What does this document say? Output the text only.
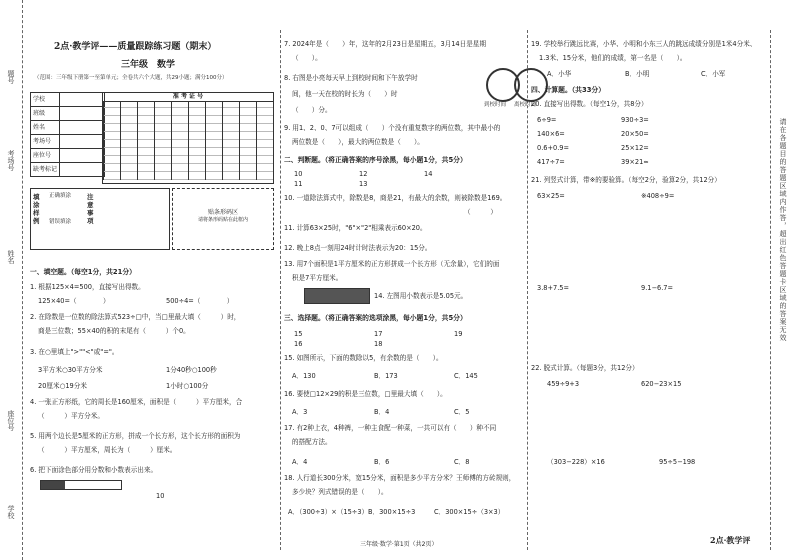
题号
考场号
姓名
座位号
学校

2点·教学评——质量跟踪练习题（期末）

三年级　数学

（范围：三年级下册第一至第单元；全卷共六个大题，共29小题；满分100分）

学校	
班级	
姓名	
考场号	
座位号	
缺考标记	
准 考 证 号
填涂样例
正确填涂
错误填涂
注意事项
贴条形码区
请将条形码贴在此框内

一、填空题。（每空1分，共21分）

1. 根据125×4=500，直接写出得数。

125×40=（　　　　）	500÷4=（　　　　）

2. 在除数是一位数的除法算式523÷□中，当□里最大填（　　　）时，

商是三位数；55×40的积的末尾有（　　　）个0。

3. 在○里填上">""<"或"="。

3平方米○30平方分米	1分40秒○100秒

20厘米○19分米	1小时○100分

4. 一张正方形纸，它的周长是160厘米，面积是（　　　）平方厘米，合

（　　　）平方分米。

5. 用两个边长是5厘米的正方形，拼成一个长方形，这个长方形的面积为

（　　　）平方厘米，周长为（　　　）厘米。

6. 把下面涂色部分用分数和小数表示出来。

10

7. 2024年是（　　）年，这年的2月23日是星期五，3月14日是星期

（　　）。

8. 右图是小亮每天早上到校时间和下午放学时

间，他一天在校的时长为（　　）时

（　　）分。

到校时间 离校时间

9. 用1、2、0、7可以组成（　　）个没有重复数字的两位数，其中最小的

两位数是（　　），最大的两位数是（　　）。

二、判断题。（将正确答案的序号涂黑，每小题1分，共5分）

10	12	14

11	13

10. 一道除法算式中，除数是8，商是21，有最大的余数，则被除数是169。

（　　　）

11. 计算63×25时，"6"×"2"相乘表示60×20。

12. 晚上8点一刻用24时计时法表示为20：15分。

13. 用7个面积是1平方厘米的正方形拼成一个长方形（无余量），它们的面

积是7平方厘米。

14. 左图用小数表示是5.05元。

三、选择题。（将正确答案的选项涂黑，每小题1分，共5分）

15	17	19

16	18

15. 如图所示，下面的数除以5，有余数的是（　　）。

A．130	B．173	C．145

16. 要使□12×29的积是三位数，□里最大填（　　）。

A．3	B．4	C．5

17. 有2种上衣，4种裤，一种主食配一种菜，一共可以有（　　）种不同

的搭配方法。

A．4	B．6	C．8

18. 人行道长300分米，宽15分米，面积是多少平方分米？王师傅的方砖规则，

多少块？列式错误的是（　　）。

A．（300÷3）×（15÷3） B．300×15÷3	C．300×15÷（3×3）

19. 学校举行跳远比赛，小华、小明和小东三人的跳远成绩分别是1米4分米、

1.3米、15分米，他们的成绩，第一名是（　　）。

A．小华	B．小明	C．小军

四、计算题。（共33分）

20. 直接写出得数。（每空1分，共8分）

6÷9=	930÷3=

140×6=	20×50=

0.6+0.9=	25×12=

417÷7=	39×21≈

21. 列竖式计算，带※的要验算。（每空2分，验算2分，共12分）

63×25=	※408÷9=

3.8+7.5=	9.1−6.7=

22. 脱式计算。（每题3分，共12分）

459÷9+3	620−23×15

（303−228）×16	95÷5−198

请在各题目的答题区域内作答，超出红色答题卡区域的答案无效
三年级·数学·第1页（共2页）	2点·教学评
